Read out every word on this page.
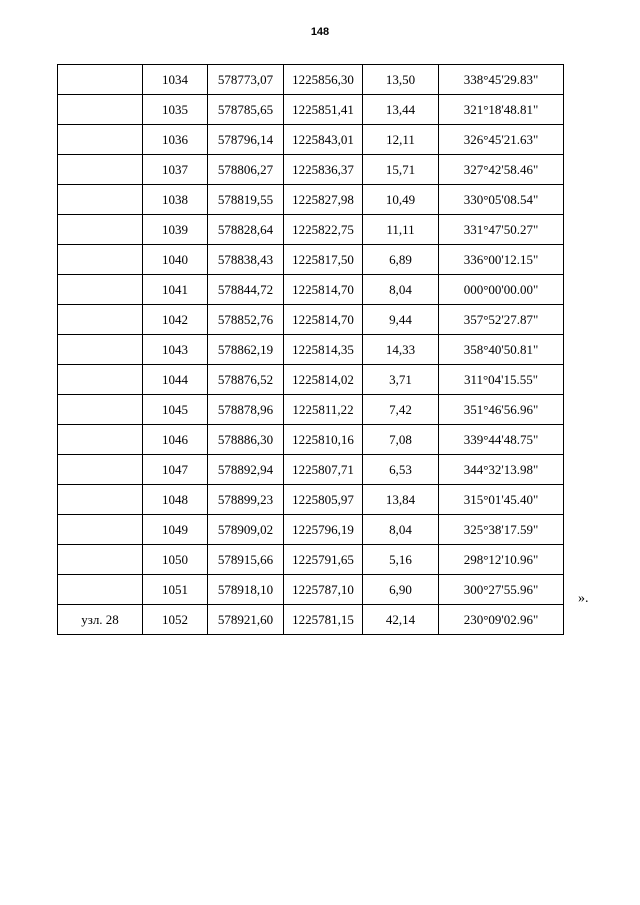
148
	1034	578773,07	1225856,30	13,50	338°45'29.83"
	1035	578785,65	1225851,41	13,44	321°18'48.81"
	1036	578796,14	1225843,01	12,11	326°45'21.63"
	1037	578806,27	1225836,37	15,71	327°42'58.46"
	1038	578819,55	1225827,98	10,49	330°05'08.54"
	1039	578828,64	1225822,75	11,11	331°47'50.27"
	1040	578838,43	1225817,50	6,89	336°00'12.15"
	1041	578844,72	1225814,70	8,04	000°00'00.00"
	1042	578852,76	1225814,70	9,44	357°52'27.87"
	1043	578862,19	1225814,35	14,33	358°40'50.81"
	1044	578876,52	1225814,02	3,71	311°04'15.55"
	1045	578878,96	1225811,22	7,42	351°46'56.96"
	1046	578886,30	1225810,16	7,08	339°44'48.75"
	1047	578892,94	1225807,71	6,53	344°32'13.98"
	1048	578899,23	1225805,97	13,84	315°01'45.40"
	1049	578909,02	1225796,19	8,04	325°38'17.59"
	1050	578915,66	1225791,65	5,16	298°12'10.96"
	1051	578918,10	1225787,10	6,90	300°27'55.96"
узл. 28	1052	578921,60	1225781,15	42,14	230°09'02.96"
».
